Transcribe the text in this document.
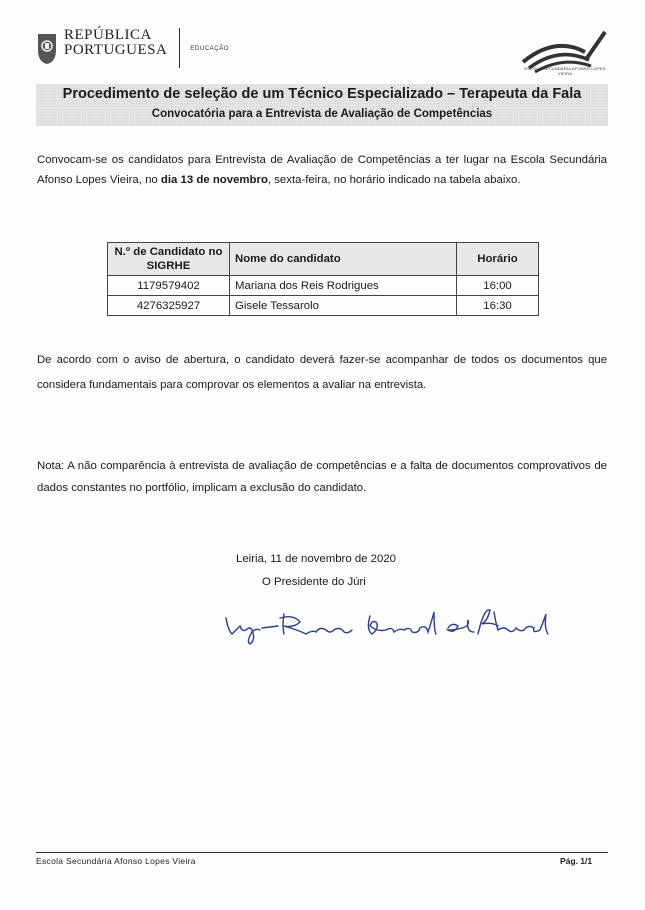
REPÚBLICA
PORTUGUESA	EDUCAÇÃO
ESCOLA SECUNDÁRIA AFONSO LOPES VIEIRA
Procedimento de seleção de um Técnico Especializado – Terapeuta da Fala
Convocatória para a Entrevista de Avaliação de Competências
Convocam-se os candidatos para Entrevista de Avaliação de Competências a ter lugar na Escola Secundária Afonso Lopes Vieira, no dia 13 de novembro, sexta-feira, no horário indicado na tabela abaixo.
N.º de Candidato no SIGRHE	Nome do candidato	Horário
1179579402	Mariana dos Reis Rodrigues	16:00
4276325927	Gisele Tessarolo	16:30
De acordo com o aviso de abertura, o candidato deverá fazer-se acompanhar de todos os documentos que considera fundamentais para comprovar os elementos a avaliar na entrevista.
Nota: A não comparência à entrevista de avaliação de competências e a falta de documentos comprovativos de dados constantes no portfólio, implicam a exclusão do candidato.
Leiria, 11 de novembro de 2020
O Presidente do Júri
Escola Secundária Afonso Lopes Vieira	Pág. 1/1
